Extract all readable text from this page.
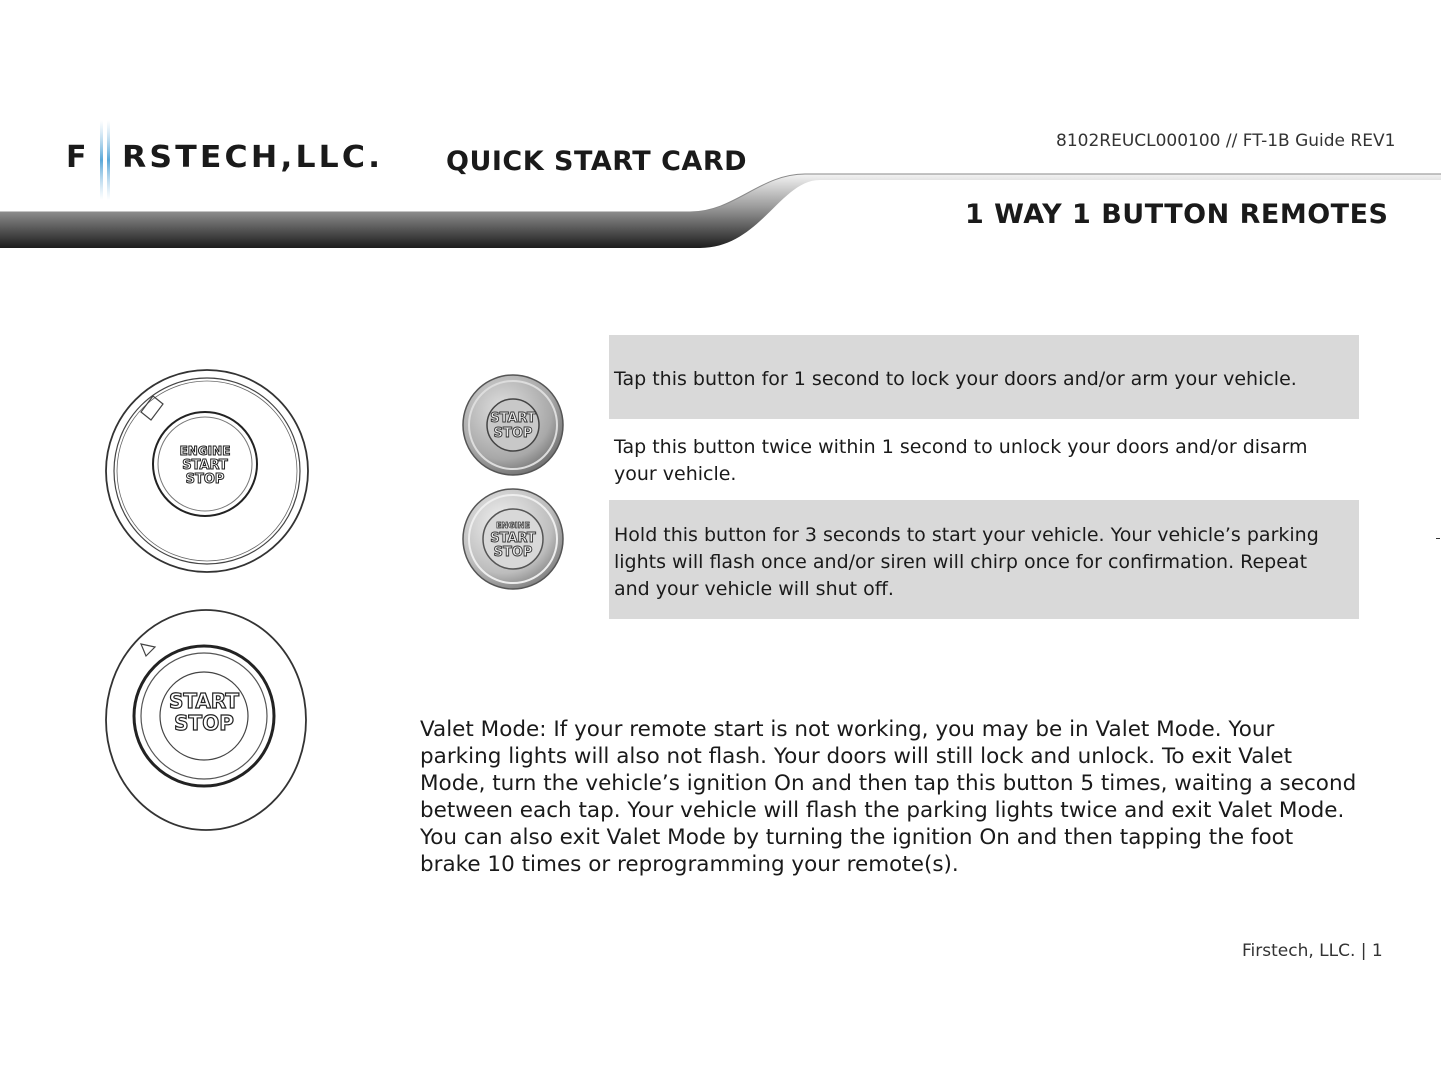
F RSTECH,LLC. QUICK START CARD
8102REUCL000100 // FT-1B Guide REV1
1 WAY 1 BUTTON REMOTES
ENGINE
START
STOP
START
STOP
START
STOP
ENGINE
START
STOP
Tap this button for 1 second to lock your doors and/or arm your vehicle.
Tap this button twice within 1 second to unlock your doors and/or disarm your vehicle.
Hold this button for 3 seconds to start your vehicle. Your vehicle’s parking lights will flash once and/or siren will chirp once for confirmation. Repeat and your vehicle will shut off.
Valet Mode: If your remote start is not working, you may be in Valet Mode. Your parking lights will also not flash. Your doors will still lock and unlock. To exit Valet Mode, turn the vehicle’s ignition On and then tap this button 5 times, waiting a second between each tap. Your vehicle will flash the parking lights twice and exit Valet Mode. You can also exit Valet Mode by turning the ignition On and then tapping the foot brake 10 times or reprogramming your remote(s).
Firstech, LLC. | 1
